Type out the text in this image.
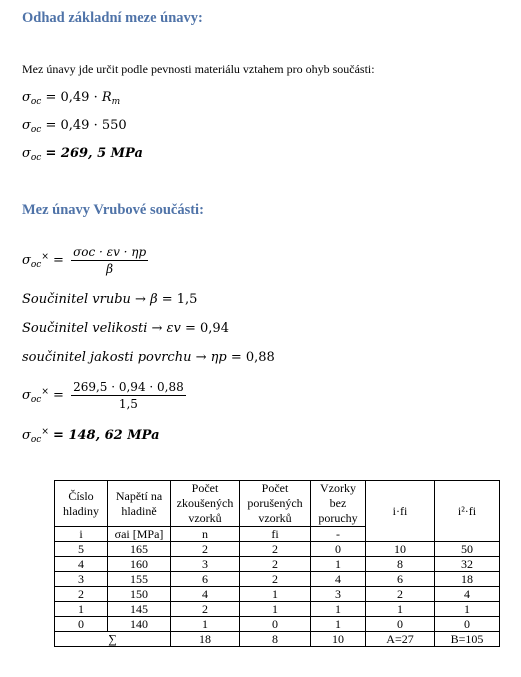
Odhad základní meze únavy:
Mez únavy jde určit podle pevnosti materiálu vztahem pro ohyb součásti:
$\sigma_{oc} = 0,49 \cdot R_m$
$\sigma_{oc} = 0,49 \cdot 550$
$\sigma_{oc} = 269$, 5 MPa
Mez únavy Vrubové součásti:
$\sigma_{oc}^\times = \frac{\text{σoc · εv · ηp}}{\beta}$
Součinitel vrubu → β = 1,5
Součinitel velikosti → εv = 0,94
součinitel jakosti povrchu → ηp = 0,88
$\sigma_{oc}^\times = \frac{269,5 \cdot 0,94 \cdot 0,88}{1,5}$
$\sigma_{oc}^\times = 148$, 62 MPa
Číslo hladiny	Napětí na hladině	Počet zkoušených vzorků	Počet porušených vzorků	Vzorky bez poruchy	i·fi	i²·fi
i	σai [MPa]	n	fi	-		
5	165	2	2	0	10	50
4	160	3	2	1	8	32
3	155	6	2	4	6	18
2	150	4	1	3	2	4
1	145	2	1	1	1	1
0	140	1	0	1	0	0
∑		18	8	10	A=27	B=105
